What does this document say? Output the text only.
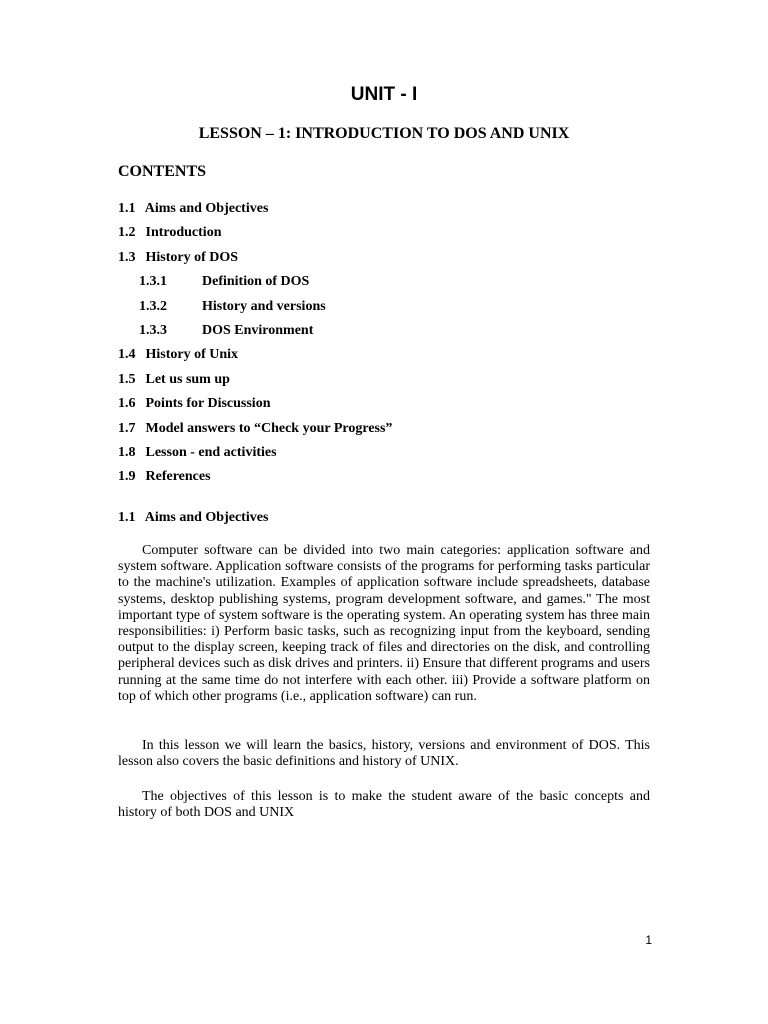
UNIT - I
LESSON – 1: INTRODUCTION TO DOS AND UNIX
CONTENTS
1.1 Aims and Objectives
1.2 Introduction
1.3 History of DOS
1.3.1	Definition of DOS
1.3.2	History and versions
1.3.3	DOS Environment
1.4 History of Unix
1.5 Let us sum up
1.6 Points for Discussion
1.7 Model answers to “Check your Progress”
1.8 Lesson - end activities
1.9 References
1.1 Aims and Objectives

Computer software can be divided into two main categories: application software and system software. Application software consists of the programs for performing tasks particular to the machine's utilization. Examples of application software include spreadsheets, database systems, desktop publishing systems, program development software, and games." The most important type of system software is the operating system. An operating system has three main responsibilities: i) Perform basic tasks, such as recognizing input from the keyboard, sending output to the display screen, keeping track of files and directories on the disk, and controlling peripheral devices such as disk drives and printers. ii) Ensure that different programs and users running at the same time do not interfere with each other. iii) Provide a software platform on top of which other programs (i.e., application software) can run.

In this lesson we will learn the basics, history, versions and environment of DOS. This lesson also covers the basic definitions and history of UNIX.

The objectives of this lesson is to make the student aware of the basic concepts and history of both DOS and UNIX

1
